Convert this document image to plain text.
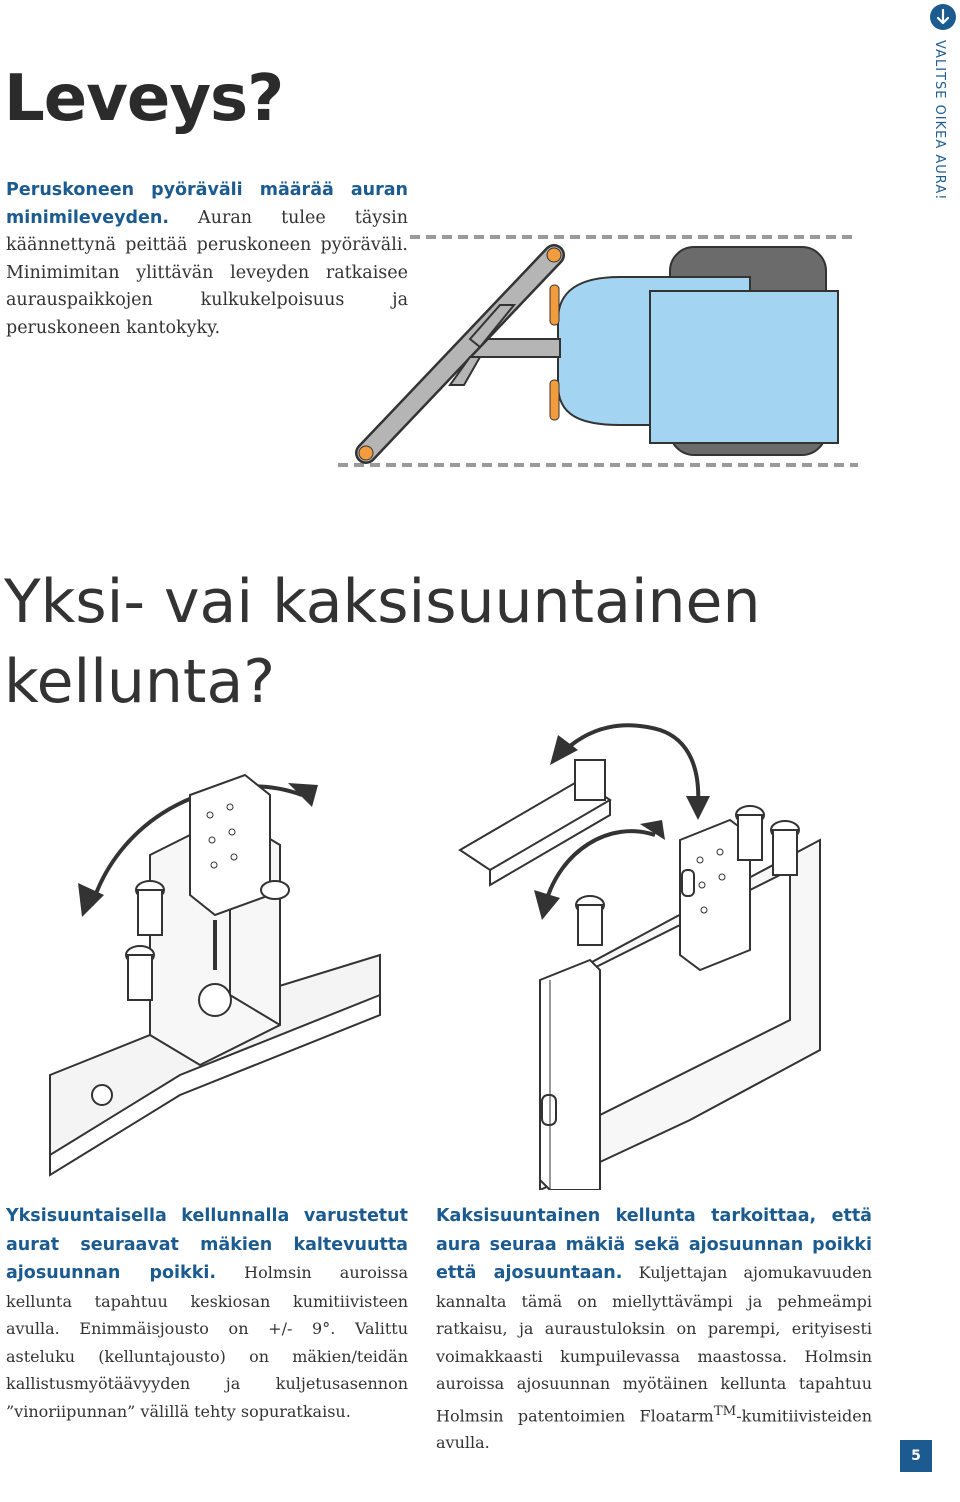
VALITSE OIKEA AURA!
Leveys?

Peruskoneen pyöräväli määrää auran minimileveyden. Auran tulee täysin käännettynä peittää peruskoneen pyöräväli. Minimimitan ylittävän leveyden ratkaisee aurauspaikkojen kulkukelpoisuus ja peruskoneen kantokyky.

Yksi- vai kaksisuuntainen
kellunta?

Yksisuuntaisella kellunnalla varustetut aurat seuraavat mäkien kaltevuutta ajosuunnan poikki. Holmsin auroissa kellunta tapahtuu keskiosan kumitiivisteen avulla. Enimmäisjousto on +/- 9°. Valittu asteluku (kelluntajousto) on mäkien/teidän kallistusmyötäävyyden ja kuljetusasennon ”vinoriipunnan” välillä tehty sopuratkaisu.

Kaksisuuntainen kellunta tarkoittaa, että aura seuraa mäkiä sekä ajosuunnan poikki että ajosuuntaan. Kuljettajan ajomukavuuden kannalta tämä on miellyttävämpi ja pehmeämpi ratkaisu, ja auraustuloksin on parempi, erityisesti voimakkaasti kumpuilevassa maastossa. Holmsin auroissa ajosuunnan myötäinen kellunta tapahtuu Holmsin patentoimien Floatarm™-kumitiivisteiden avulla.

5
